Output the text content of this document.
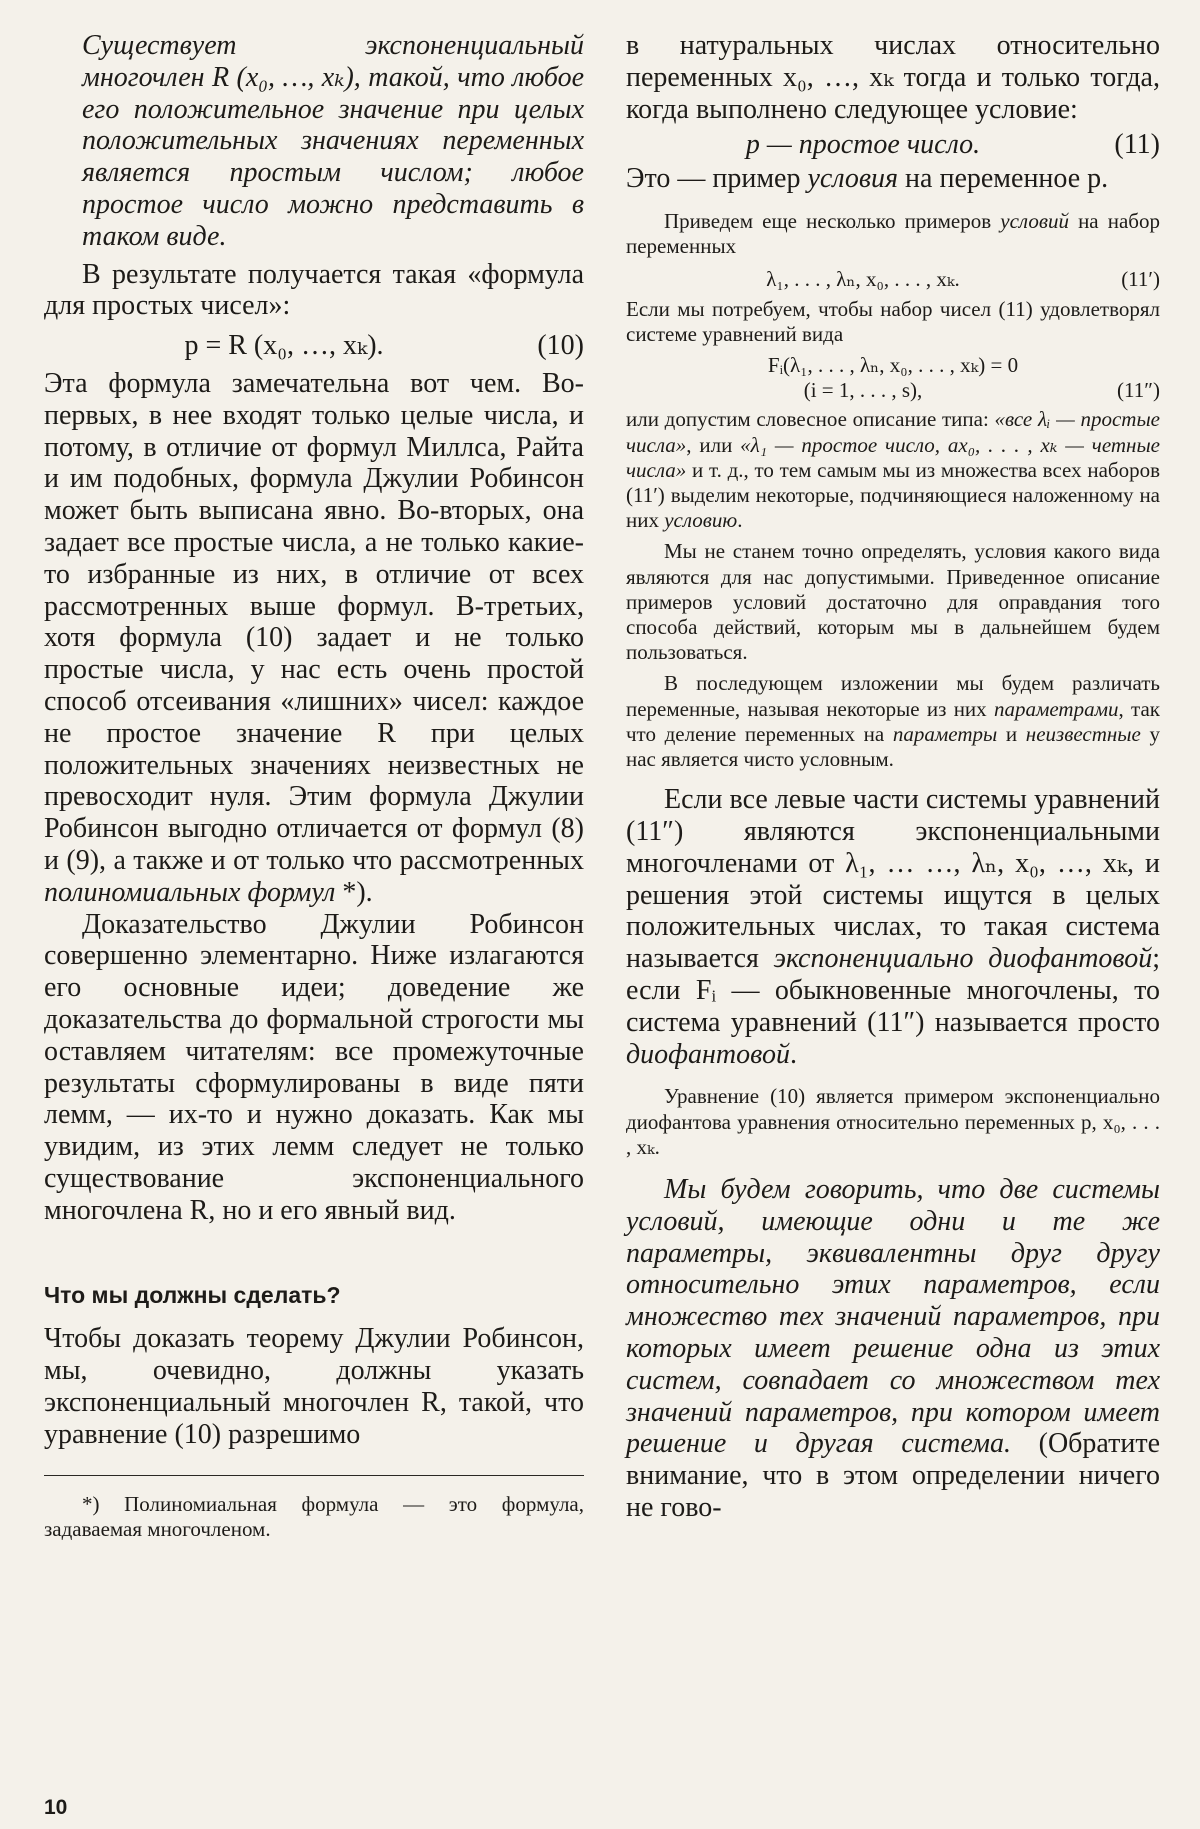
Существует экспоненциальный многочлен R (x₀, …, xₖ), такой, что любое его положительное значение при целых положительных значениях переменных является простым числом; любое простое число можно представить в таком виде.

В результате получается такая «формула для простых чисел»:

p = R (x₀, …, xₖ).	(10)

Эта формула замечательна вот чем. Во-первых, в нее входят только целые числа, и потому, в отличие от формул Миллса, Райта и им подобных, формула Джулии Робинсон может быть выписана явно. Во-вторых, она задает все простые числа, а не только какие-то избранные из них, в отличие от всех рассмотренных выше формул. В-третьих, хотя формула (10) задает и не только простые числа, у нас есть очень простой способ отсеивания «лишних» чисел: каждое не простое значение R при целых положительных значениях неизвестных не превосходит нуля. Этим формула Джулии Робинсон выгодно отличается от формул (8) и (9), а также и от только что рассмотренных полиномиальных формул *).

Доказательство Джулии Робинсон совершенно элементарно. Ниже излагаются его основные идеи; доведение же доказательства до формальной строгости мы оставляем читателям: все промежуточные результаты сформулированы в виде пяти лемм, — их-то и нужно доказать. Как мы увидим, из этих лемм следует не только существование экспоненциального многочлена R, но и его явный вид.

Что мы должны сделать?

Чтобы доказать теорему Джулии Робинсон, мы, очевидно, должны указать экспоненциальный многочлен R, такой, что уравнение (10) разрешимо

*) Полиномиальная формула — это формула, задаваемая многочленом.

в натуральных числах относительно переменных x₀, …, xₖ тогда и только тогда, когда выполнено следующее условие:

p — простое число.	(11)

Это — пример условия на переменное p.

Приведем еще несколько примеров условий на набор переменных

λ₁, . . . , λₙ, x₀, . . . , xₖ.	(11′)

Если мы потребуем, чтобы набор чисел (11) удовлетворял системе уравнений вида

Fᵢ(λ₁, . . . , λₙ, x₀, . . . , xₖ) = 0
(i = 1, . . . , s),	(11″)

или допустим словесное описание типа: «все λᵢ — простые числа», или «λ₁ — простое число, ax₀, . . . , xₖ — четные числа» и т. д., то тем самым мы из множества всех наборов (11′) выделим некоторые, подчиняющиеся наложенному на них условию.

Мы не станем точно определять, условия какого вида являются для нас допустимыми. Приведенное описание примеров условий достаточно для оправдания того способа действий, которым мы в дальнейшем будем пользоваться.

В последующем изложении мы будем различать переменные, называя некоторые из них параметрами, так что деление переменных на параметры и неизвестные у нас является чисто условным.

Если все левые части системы уравнений (11″) являются экспоненциальными многочленами от λ₁, … …, λₙ, x₀, …, xₖ, и решения этой системы ищутся в целых положительных числах, то такая система называется экспоненциально диофантовой; если Fᵢ — обыкновенные многочлены, то система уравнений (11″) называется просто диофантовой.

Уравнение (10) является примером экспоненциально диофантова уравнения относительно переменных p, x₀, . . . , xₖ.

Мы будем говорить, что две системы условий, имеющие одни и те же параметры, эквивалентны друг другу относительно этих параметров, если множество тех значений параметров, при которых имеет решение одна из этих систем, совпадает со множеством тех значений параметров, при котором имеет решение и другая система. (Обратите внимание, что в этом определении ничего не гово-

10
